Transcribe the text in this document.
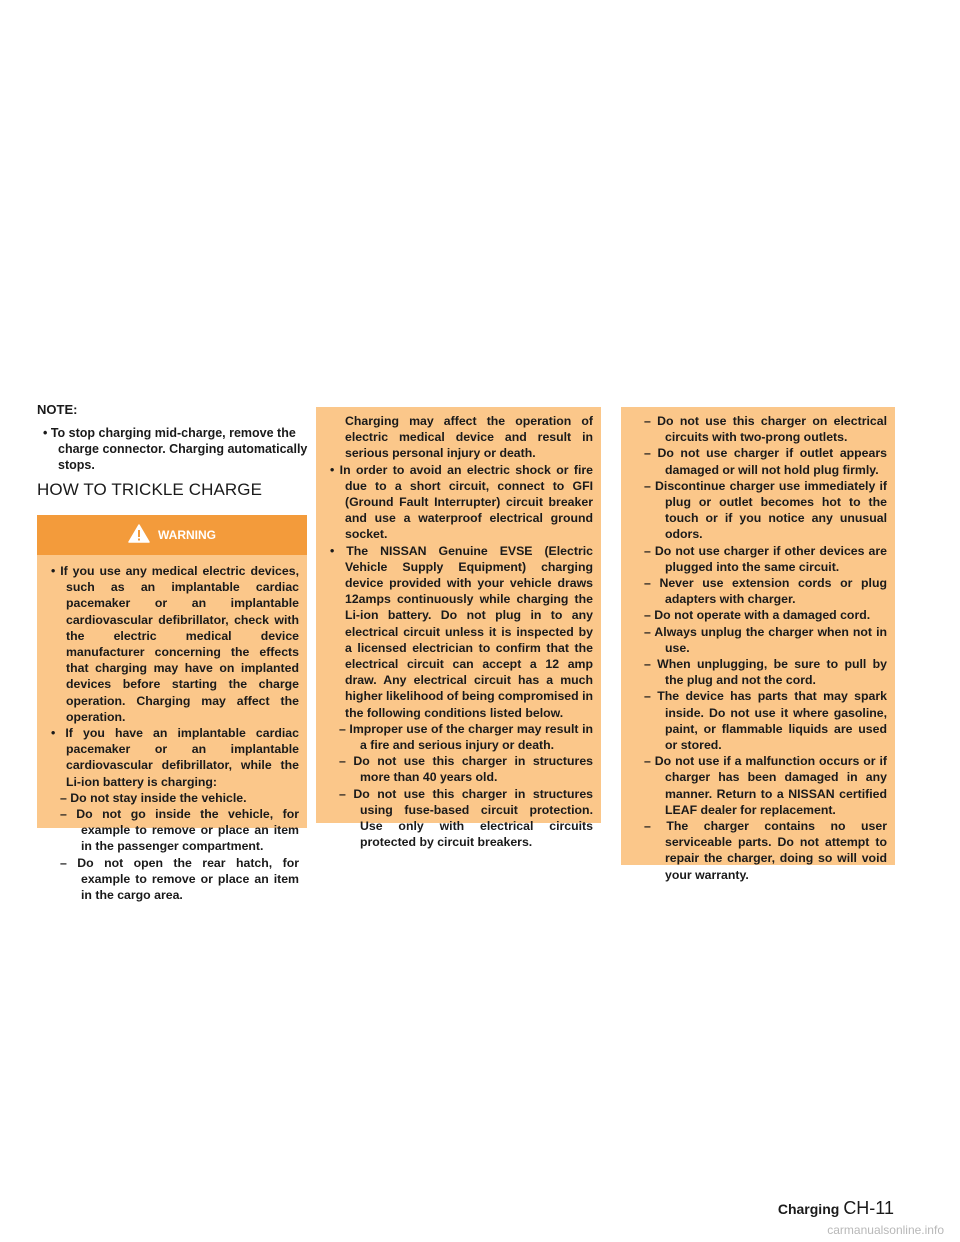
NOTE:
• To stop charging mid-charge, remove the charge connector. Charging automatically stops.
HOW TO TRICKLE CHARGE
WARNING

• If you use any medical electric devices, such as an implantable cardiac pacemaker or an implantable cardiovascular defibrillator, check with the electric medical device manufacturer concerning the effects that charging may have on implanted devices before starting the charge operation. Charging may affect the operation.

• If you have an implantable cardiac pacemaker or an implantable cardiovascular defibrillator, while the Li-ion battery is charging:

– Do not stay inside the vehicle.

– Do not go inside the vehicle, for example to remove or place an item in the passenger compartment.

– Do not open the rear hatch, for example to remove or place an item in the cargo area.

Charging may affect the operation of electric medical device and result in serious personal injury or death.

• In order to avoid an electric shock or fire due to a short circuit, connect to GFI (Ground Fault Interrupter) circuit breaker and use a waterproof electrical ground socket.

• The NISSAN Genuine EVSE (Electric Vehicle Supply Equipment) charging device provided with your vehicle draws 12amps continuously while charging the Li-ion battery. Do not plug in to any electrical circuit unless it is inspected by a licensed electrician to confirm that the electrical circuit can accept a 12 amp draw. Any electrical circuit has a much higher likelihood of being compromised in the following conditions listed below.

– Improper use of the charger may result in a fire and serious injury or death.

– Do not use this charger in structures more than 40 years old.

– Do not use this charger in structures using fuse-based circuit protection. Use only with electrical circuits protected by circuit breakers.

– Do not use this charger on electrical circuits with two-prong outlets.

– Do not use charger if outlet appears damaged or will not hold plug firmly.

– Discontinue charger use immediately if plug or outlet becomes hot to the touch or if you notice any unusual odors.

– Do not use charger if other devices are plugged into the same circuit.

– Never use extension cords or plug adapters with charger.

– Do not operate with a damaged cord.

– Always unplug the charger when not in use.

– When unplugging, be sure to pull by the plug and not the cord.

– The device has parts that may spark inside. Do not use it where gasoline, paint, or flammable liquids are used or stored.

– Do not use if a malfunction occurs or if charger has been damaged in any manner. Return to a NISSAN certified LEAF dealer for replacement.

– The charger contains no user serviceable parts. Do not attempt to repair the charger, doing so will void your warranty.

Charging CH-11
carmanualsonline.info
